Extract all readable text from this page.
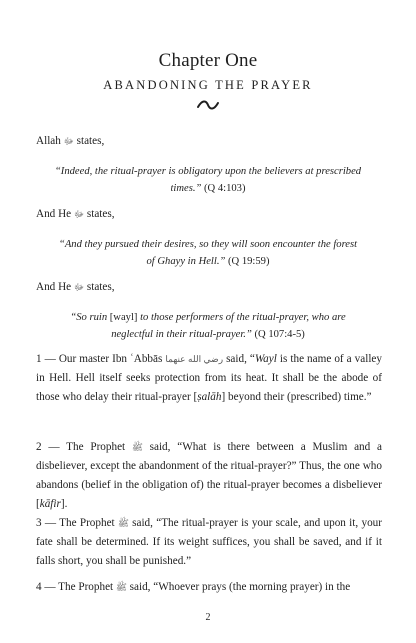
Chapter One
ABANDONING THE PRAYER

Allah ﷻ states,

“Indeed, the ritual-prayer is obligatory upon the believers at prescribed times.” (Q 4:103)

And He ﷻ states,

“And they pursued their desires, so they will soon encounter the forest of Ghayy in Hell.” (Q 19:59)

And He ﷻ states,

“So ruin [wayl] to those performers of the ritual-prayer, who are neglectful in their ritual-prayer.” (Q 107:4-5)

1 — Our master Ibn ʿAbbās رضي الله عنهما said, “Wayl is the name of a valley in Hell. Hell itself seeks protection from its heat. It shall be the abode of those who delay their ritual-prayer [ṣalāh] beyond their (prescribed) time.”

2 — The Prophet ﷺ said, “What is there between a Muslim and a disbeliever, except the abandonment of the ritual-prayer?” Thus, the one who abandons (belief in the obligation of) the ritual-prayer becomes a disbeliever [kāfir].

3 — The Prophet ﷺ said, “The ritual-prayer is your scale, and upon it, your fate shall be determined. If its weight suffices, you shall be saved, and if it falls short, you shall be punished.”

4 — The Prophet ﷺ said, “Whoever prays (the morning prayer) in the

2
